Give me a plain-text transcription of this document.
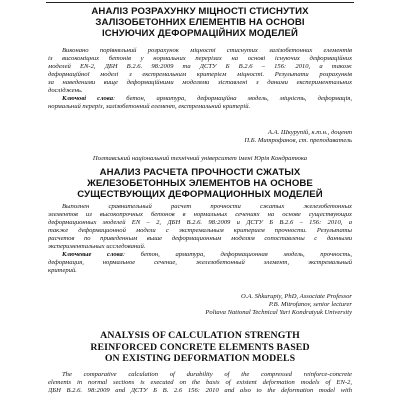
АНАЛІЗ РОЗРАХУНКУ МІЦНОСТІ СТИСНУТИХ
ЗАЛІЗОБЕТОННИХ ЕЛЕМЕНТІВ НА ОСНОВІ
ІСНУЮЧИХ ДЕФОРМАЦІЙНИХ МОДЕЛЕЙ
Виконано порівняльний розрахунок міцності стиснутих залізобетонних елементів
із високоміцних бетонів у нормальних перерізах на основі існуючих деформаційних
моделей EN-2, ДБН В.2.6. 98:2009 та ДСТУ Б В.2.6 – 156: 2010, а також
деформаційної моделі з екстремальним критерієм міцності. Результати розрахунків
за наведеними вище деформаційними моделями зіставлені з даними експериментальних
досліджень.
Ключові слова: бетон, арматура, деформаційна модель, міцність, деформація,
нормальний переріз, залізобетонний елемент, екстремальний критерій.
А.А. Шкурупій, к.т.н., доцент
П.Б. Митрофанов, ст. преподаватель
Полтавський національний технічний університет імені Юрія Кондратюка
АНАЛИЗ РАСЧЕТА ПРОЧНОСТИ СЖАТЫХ
ЖЕЛЕЗОБЕТОННЫХ ЭЛЕМЕНТОВ НА ОСНОВЕ
СУЩЕСТВУЮЩИХ ДЕФОРМАЦИОННЫХ МОДЕЛЕЙ
Выполнен сравнительный расчет прочности сжатых железобетонных
элементов из высокопрочных бетонов в нормальных сечениях на основе существующих
деформационных моделей EN – 2, ДБН В.2.6. 98:2009 и ДСТУ Б В.2.6 – 156: 2010, а
также деформационной модели с экстремальным критерием прочности. Результаты
расчетов по приведенным выше деформационным моделям сопоставлены с данными
экспериментальных исследований.
Ключевые слова: бетон, арматура, деформационная модель, прочность,
деформация, нормальное сечение, железобетонный элемент, экстремальный
критерий.
О.А. Shkurupiy, PhD, Associate Professor
P.B. Mitrofanov, senior lecturer
Poltava National Technical Yuri Kondratyuk University
ANALYSIS OF CALCULATION STRENGTH
REINFORCED CONCRETE ELEMENTS BASED
ON EXISTING DEFORMATION MODELS
The comparative calculation of durability of the compressed reinforce-concrete
elements in normal sections is executed on the basis of existent deformation models of EN-2,
ДБН В.2.6. 98:2009 and ДСТУ Б В. 2.6 156: 2010 and also to the deformation model with
